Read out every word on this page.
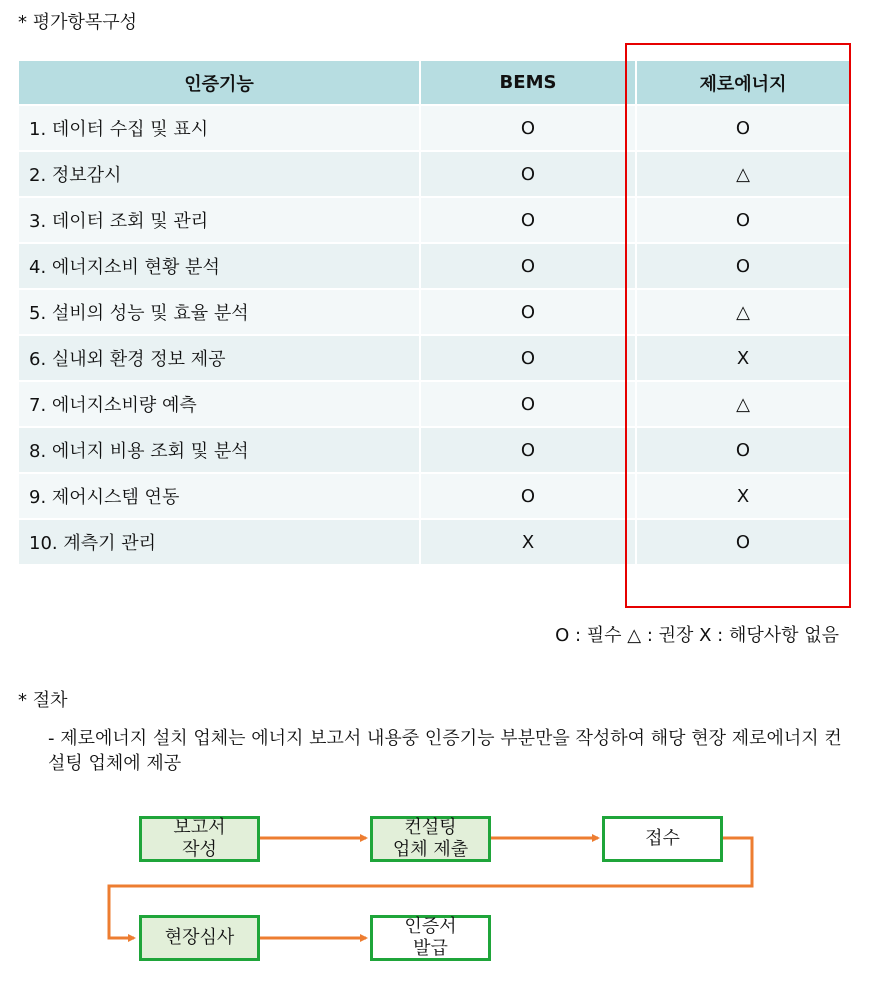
* 평가항목구성
인증기능	BEMS	제로에너지
1. 데이터 수집 및 표시	O	O
2. 정보감시	O	△
3. 데이터 조회 및 관리	O	O
4. 에너지소비 현황 분석	O	O
5. 설비의 성능 및 효율 분석	O	△
6. 실내외 환경 정보 제공	O	X
7. 에너지소비량 예측	O	△
8. 에너지 비용 조회 및 분석	O	O
9. 제어시스템 연동	O	X
10. 계측기 관리	X	O
O : 필수 △ : 권장 X : 해당사항 없음
* 절차
- 제로에너지 설치 업체는 에너지 보고서 내용중 인증기능 부분만을 작성하여 해당 현장 제로에너지 컨설팅 업체에 제공
보고서
작성
컨설팅
업체 제출
접수
현장심사
인증서
발급
